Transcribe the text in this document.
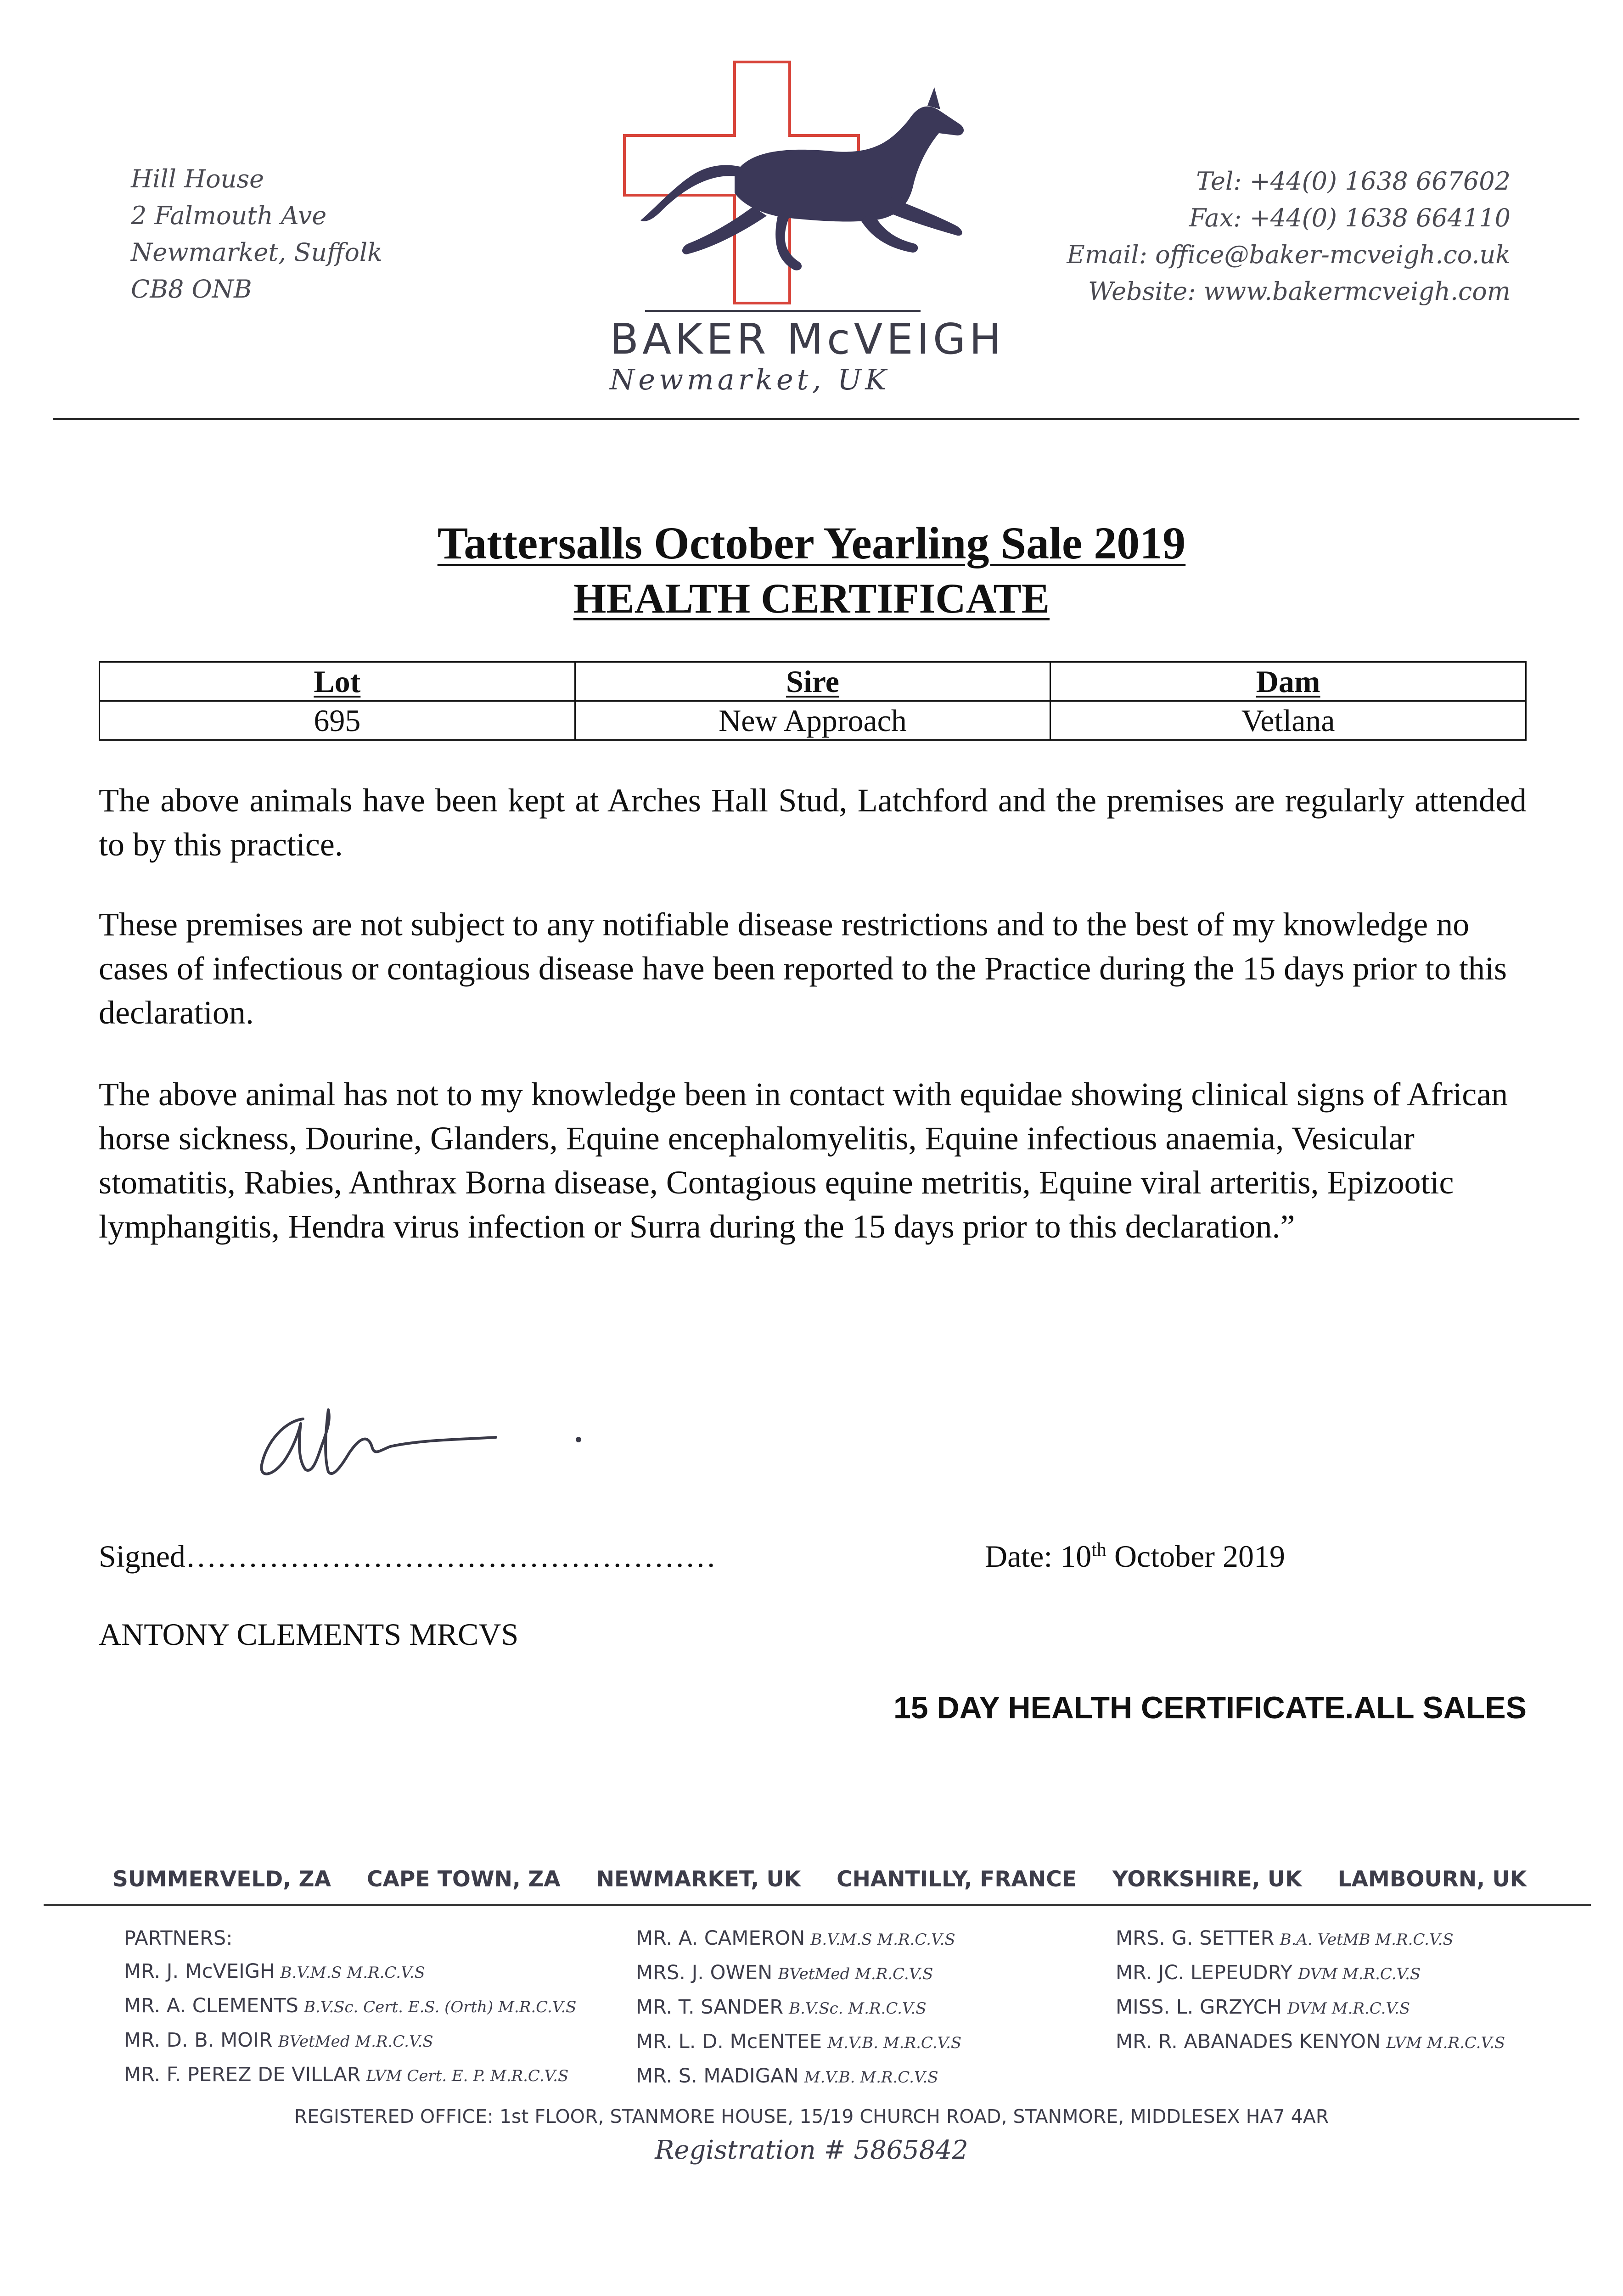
Hill House
2 Falmouth Ave
Newmarket, Suffolk
CB8 ONB
BAKER McVEIGH
Newmarket, UK
Tel: +44(0) 1638 667602
Fax: +44(0) 1638 664110
Email: office@baker-mcveigh.co.uk
Website: www.bakermcveigh.com
Tattersalls October Yearling Sale 2019
HEALTH CERTIFICATE
Lot	Sire	Dam
695	New Approach	Vetlana

The above animals have been kept at Arches Hall Stud, Latchford and the premises are regularly attended to by this practice.

These premises are not subject to any notifiable disease restrictions and to the best of my knowledge no cases of infectious or contagious disease have been reported to the Practice during the 15 days prior to this declaration.

The above animal has not to my knowledge been in contact with equidae showing clinical signs of African horse sickness, Dourine, Glanders, Equine encephalomyelitis, Equine infectious anaemia, Vesicular stomatitis, Rabies, Anthrax Borna disease, Contagious equine metritis, Equine viral arteritis, Epizootic lymphangitis, Hendra virus infection or Surra during the 15 days prior to this declaration.”

Signed……………………………………………	Date: 10th October 2019
ANTONY CLEMENTS MRCVS
15 DAY HEALTH CERTIFICATE.ALL SALES
SUMMERVELD, ZA CAPE TOWN, ZA NEWMARKET, UK CHANTILLY, FRANCE YORKSHIRE, UK LAMBOURN, UK
PARTNERS:
MR. J. McVEIGH B.V.M.S M.R.C.V.S
MR. A. CLEMENTS B.V.Sc. Cert. E.S. (Orth) M.R.C.V.S
MR. D. B. MOIR BVetMed M.R.C.V.S
MR. F. PEREZ DE VILLAR LVM Cert. E. P. M.R.C.V.S
MR. A. CAMERON B.V.M.S M.R.C.V.S
MRS. J. OWEN BVetMed M.R.C.V.S
MR. T. SANDER B.V.Sc. M.R.C.V.S
MR. L. D. McENTEE M.V.B. M.R.C.V.S
MR. S. MADIGAN M.V.B. M.R.C.V.S
MRS. G. SETTER B.A. VetMB M.R.C.V.S
MR. JC. LEPEUDRY DVM M.R.C.V.S
MISS. L. GRZYCH DVM M.R.C.V.S
MR. R. ABANADES KENYON LVM M.R.C.V.S
REGISTERED OFFICE: 1st FLOOR, STANMORE HOUSE, 15/19 CHURCH ROAD, STANMORE, MIDDLESEX HA7 4AR
Registration # 5865842
